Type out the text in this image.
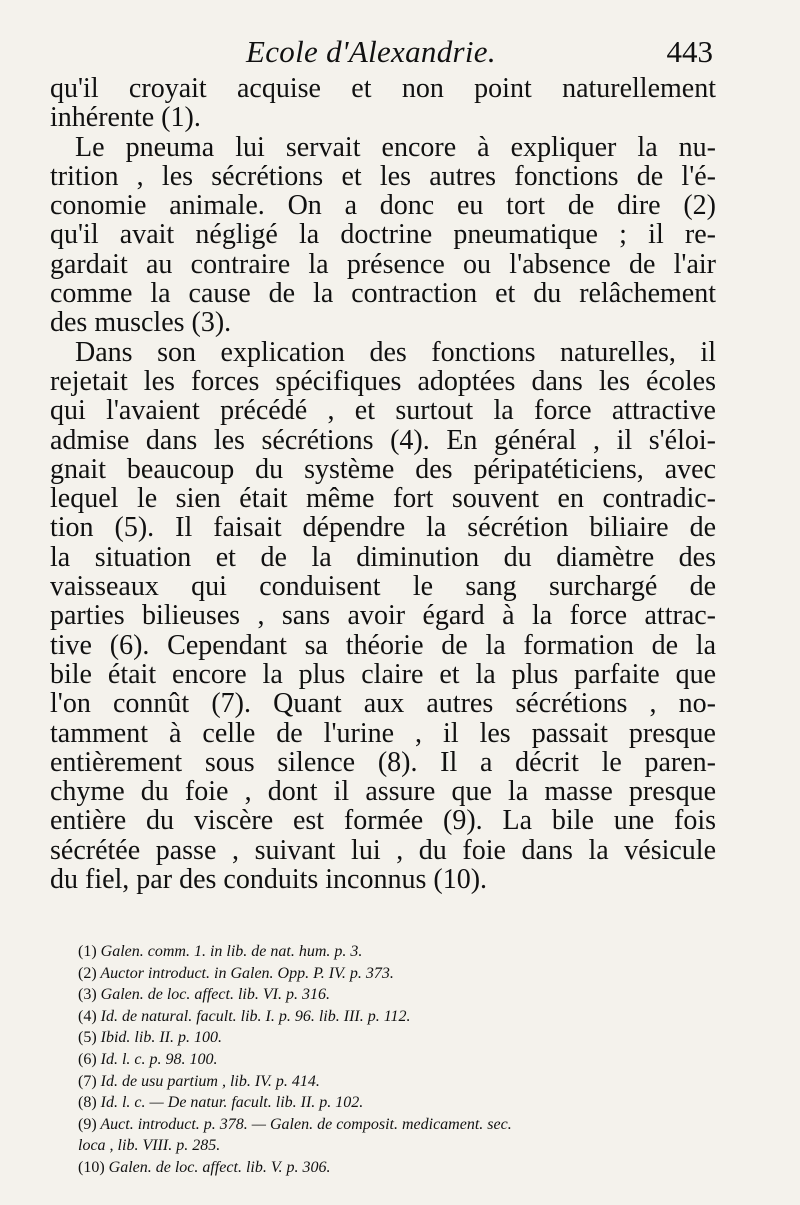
Ecole d'Alexandrie.	443
qu'il croyait acquise et non point naturellement
inhérente (1).
Le pneuma lui servait encore à expliquer la nu-
trition , les sécrétions et les autres fonctions de l'é-
conomie animale. On a donc eu tort de dire (2)
qu'il avait négligé la doctrine pneumatique ; il re-
gardait au contraire la présence ou l'absence de l'air
comme la cause de la contraction et du relâchement
des muscles (3).
Dans son explication des fonctions naturelles, il
rejetait les forces spécifiques adoptées dans les écoles
qui l'avaient précédé , et surtout la force attractive
admise dans les sécrétions (4). En général , il s'éloi-
gnait beaucoup du système des péripatéticiens, avec
lequel le sien était même fort souvent en contradic-
tion (5). Il faisait dépendre la sécrétion biliaire de
la situation et de la diminution du diamètre des
vaisseaux qui conduisent le sang surchargé de
parties bilieuses , sans avoir égard à la force attrac-
tive (6). Cependant sa théorie de la formation de la
bile était encore la plus claire et la plus parfaite que
l'on connût (7). Quant aux autres sécrétions , no-
tamment à celle de l'urine , il les passait presque
entièrement sous silence (8). Il a décrit le paren-
chyme du foie , dont il assure que la masse presque
entière du viscère est formée (9). La bile une fois
sécrétée passe , suivant lui , du foie dans la vésicule
du fiel, par des conduits inconnus (10).
(1) Galen. comm. 1. in lib. de nat. hum. p. 3.
(2) Auctor introduct. in Galen. Opp. P. IV. p. 373.
(3) Galen. de loc. affect. lib. VI. p. 316.
(4) Id. de natural. facult. lib. I. p. 96. lib. III. p. 112.
(5) Ibid. lib. II. p. 100.
(6) Id. l. c. p. 98. 100.
(7) Id. de usu partium , lib. IV. p. 414.
(8) Id. l. c. — De natur. facult. lib. II. p. 102.
(9) Auct. introduct. p. 378. — Galen. de composit. medicament. sec.
loca , lib. VIII. p. 285.
(10) Galen. de loc. affect. lib. V. p. 306.
